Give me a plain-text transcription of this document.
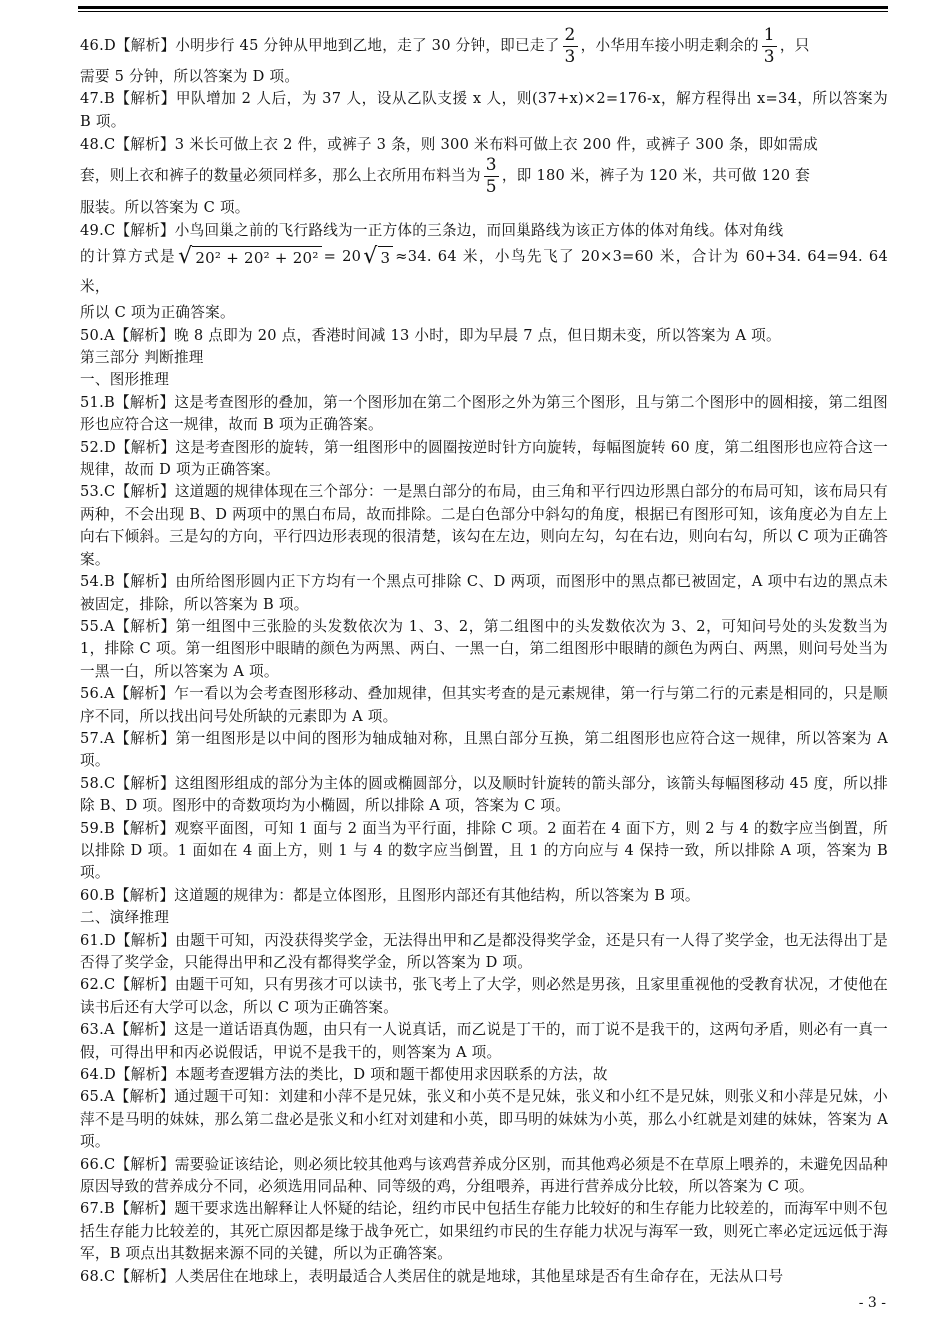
46.D【解析】小明步行 45 分钟从甲地到乙地，走了 30 分钟，即已走了 $\frac{2}{3}$ ，小华用车接小明走剩余的 $\frac{1}{3}$ ，只

需要 5 分钟，所以答案为 D 项。

47.B【解析】甲队增加 2 人后，为 37 人，设从乙队支援 x 人，则(37+x)×2=176-x，解方程得出 x=34，所以答案为 B 项。

48.C【解析】3 米长可做上衣 2 件，或裤子 3 条，则 300 米布料可做上衣 200 件，或裤子 300 条，即如需成

套，则上衣和裤子的数量必须同样多，那么上衣所用布料当为 $\frac{3}{5}$ ，即 180 米，裤子为 120 米，共可做 120 套

服装。所以答案为 C 项。

49.C【解析】小鸟回巢之前的飞行路线为一正方体的三条边，而回巢路线为该正方体的体对角线。体对角线

的计算方式是 √ 20² + 20² + 20² = 20 √ 3 ≈34. 64 米，小鸟先飞了 20×3=60 米，合计为 60+34. 64=94. 64 米，

所以 C 项为正确答案。

50.A【解析】晚 8 点即为 20 点，香港时间减 13 小时，即为早晨 7 点，但日期未变，所以答案为 A 项。

第三部分 判断推理

一、图形推理

51.B【解析】这是考查图形的叠加，第一个图形加在第二个图形之外为第三个图形，且与第二个图形中的圆相接，第二组图形也应符合这一规律，故而 B 项为正确答案。

52.D【解析】这是考查图形的旋转，第一组图形中的圆圈按逆时针方向旋转，每幅图旋转 60 度，第二组图形也应符合这一规律，故而 D 项为正确答案。

53.C【解析】这道题的规律体现在三个部分：一是黑白部分的布局，由三角和平行四边形黑白部分的布局可知，该布局只有两种，不会出现 B、D 两项中的黑白布局，故而排除。二是白色部分中斜勾的角度，根据已有图形可知，该角度必为自左上向右下倾斜。三是勾的方向，平行四边形表现的很清楚，该勾在左边，则向左勾，勾在右边，则向右勾，所以 C 项为正确答案。

54.B【解析】由所给图形圆内正下方均有一个黑点可排除 C、D 两项，而图形中的黑点都已被固定，A 项中右边的黑点未被固定，排除，所以答案为 B 项。

55.A【解析】第一组图中三张脸的头发数依次为 1、3、2，第二组图中的头发数依次为 3、2，可知问号处的头发数当为 1，排除 C 项。第一组图形中眼睛的颜色为两黑、两白、一黑一白，第二组图形中眼睛的颜色为两白、两黑，则问号处当为一黑一白，所以答案为 A 项。

56.A【解析】乍一看以为会考查图形移动、叠加规律，但其实考查的是元素规律，第一行与第二行的元素是相同的，只是顺序不同，所以找出问号处所缺的元素即为 A 项。

57.A【解析】第一组图形是以中间的图形为轴成轴对称，且黑白部分互换，第二组图形也应符合这一规律，所以答案为 A 项。

58.C【解析】这组图形组成的部分为主体的圆或椭圆部分，以及顺时针旋转的箭头部分，该箭头每幅图移动 45 度，所以排除 B、D 项。图形中的奇数项均为小椭圆，所以排除 A 项，答案为 C 项。

59.B【解析】观察平面图，可知 1 面与 2 面当为平行面，排除 C 项。2 面若在 4 面下方，则 2 与 4 的数字应当倒置，所以排除 D 项。1 面如在 4 面上方，则 1 与 4 的数字应当倒置，且 1 的方向应与 4 保持一致，所以排除 A 项，答案为 B 项。

60.B【解析】这道题的规律为：都是立体图形，且图形内部还有其他结构，所以答案为 B 项。

二、演绎推理

61.D【解析】由题干可知，丙没获得奖学金，无法得出甲和乙是都没得奖学金，还是只有一人得了奖学金，也无法得出丁是否得了奖学金，只能得出甲和乙没有都得奖学金，所以答案为 D 项。

62.C【解析】由题干可知，只有男孩才可以读书，张飞考上了大学，则必然是男孩，且家里重视他的受教育状况，才使他在读书后还有大学可以念，所以 C 项为正确答案。

63.A【解析】这是一道话语真伪题，由只有一人说真话，而乙说是丁干的，而丁说不是我干的，这两句矛盾，则必有一真一假，可得出甲和丙必说假话，甲说不是我干的，则答案为 A 项。

64.D【解析】本题考查逻辑方法的类比，D 项和题干都使用求因联系的方法，故

65.A【解析】通过题干可知：刘建和小萍不是兄妹，张义和小英不是兄妹，张义和小红不是兄妹，则张义和小萍是兄妹，小萍不是马明的妹妹，那么第二盘必是张义和小红对刘建和小英，即马明的妹妹为小英，那么小红就是刘建的妹妹，答案为 A 项。

66.C【解析】需要验证该结论，则必须比较其他鸡与该鸡营养成分区别，而其他鸡必须是不在草原上喂养的，未避免因品种原因导致的营养成分不同，必须选用同品种、同等级的鸡，分组喂养，再进行营养成分比较，所以答案为 C 项。

67.B【解析】题干要求选出解释让人怀疑的结论，纽约市民中包括生存能力比较好的和生存能力比较差的，而海军中则不包括生存能力比较差的，其死亡原因都是缘于战争死亡，如果纽约市民的生存能力状况与海军一致，则死亡率必定远远低于海军，B 项点出其数据来源不同的关键，所以为正确答案。

68.C【解析】人类居住在地球上，表明最适合人类居住的就是地球，其他星球是否有生命存在，无法从口号

- 3 -
